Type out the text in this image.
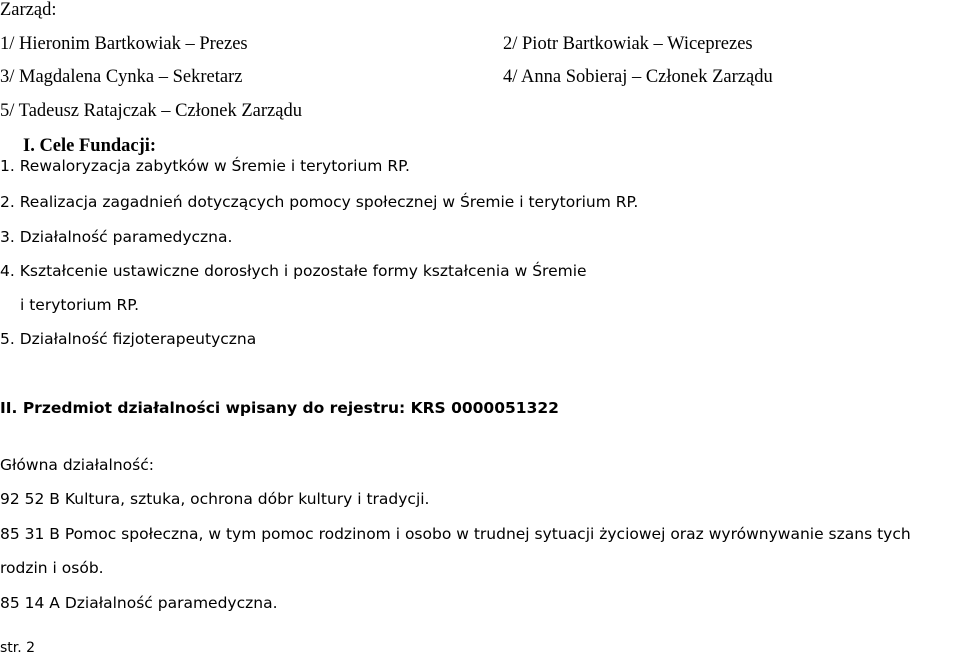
Zarząd:
1/ Hieronim Bartkowiak – Prezes	2/ Piotr Bartkowiak – Wiceprezes
3/ Magdalena Cynka – Sekretarz	4/ Anna Sobieraj – Członek Zarządu
5/ Tadeusz Ratajczak – Członek Zarządu
I. Cele Fundacji:
1. Rewaloryzacja zabytków w Śremie i terytorium RP.
2. Realizacja zagadnień dotyczących pomocy społecznej w Śremie i terytorium RP.
3. Działalność paramedyczna.
4. Kształcenie ustawiczne dorosłych i pozostałe formy kształcenia w Śremie
i terytorium RP.
5. Działalność fizjoterapeutyczna
II. Przedmiot działalności wpisany do rejestru: KRS 0000051322
Główna działalność:
92 52 B Kultura, sztuka, ochrona dóbr kultury i tradycji.
85 31 B Pomoc społeczna, w tym pomoc rodzinom i osobo w trudnej sytuacji życiowej oraz wyrównywanie szans tych
rodzin i osób.
85 14 A Działalność paramedyczna.
str. 2
